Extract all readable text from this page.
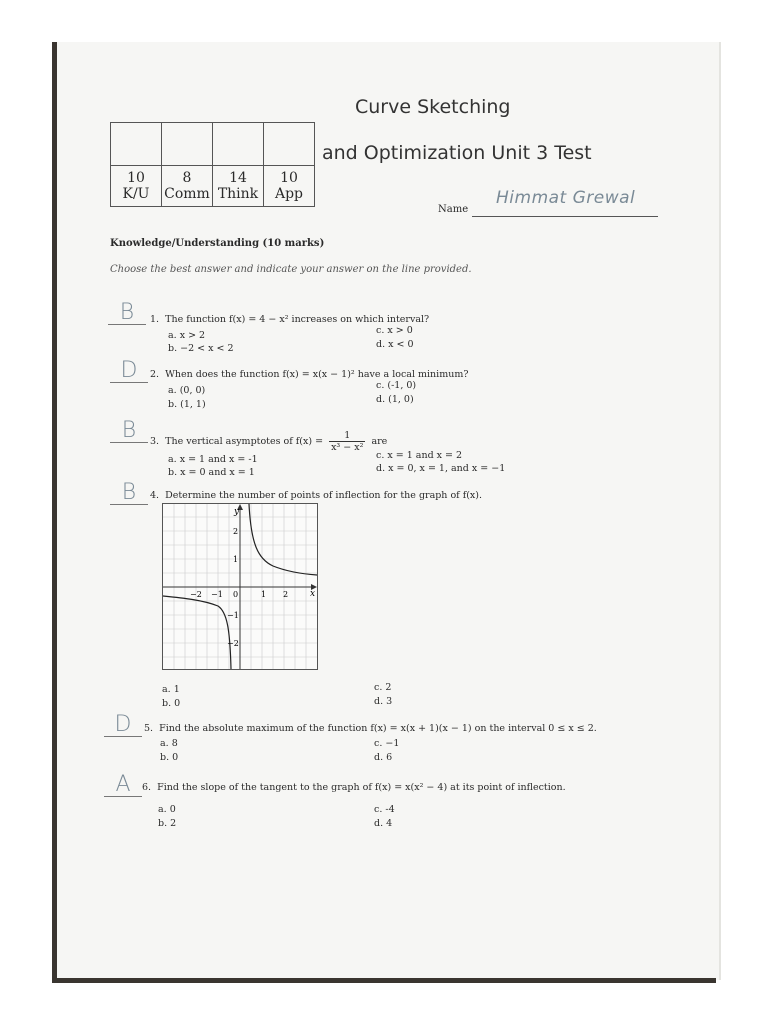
Curve Sketching
and Optimization Unit 3 Test

10	8	14	10
K/U	Comm	Think	App
Name
Himmat Grewal
Knowledge/Understanding (10 marks)
Choose the best answer and indicate your answer on the line provided.
B	1. The function f(x) = 4 − x² increases on which interval?
a. x > 2
b. −2 < x < 2
c. x > 0
d. x < 0
D	2. When does the function f(x) = x(x − 1)² have a local minimum?
a. (0, 0)
b. (1, 1)
c. (-1, 0)
d. (1, 0)
B	3. The vertical asymptotes of $f(x) = \frac{1}{\text{x³ − x²}}$ are
a. x = 1 and x = -1
b. x = 0 and x = 1
c. x = 1 and x = 2
d. x = 0, x = 1, and x = −1
B	4. Determine the number of points of inflection for the graph of f(x).
x
y
−2 −1 0	1 2
2
1
−1
−2
a. 1
b. 0
c. 2
d. 3
D	5. Find the absolute maximum of the function f(x) = x(x + 1)(x − 1) on the interval 0 ≤ x ≤ 2.
a. 8
b. 0
c. −1
d. 6
A	6. Find the slope of the tangent to the graph of f(x) = x(x² − 4) at its point of inflection.
a. 0
b. 2
c. -4
d. 4
